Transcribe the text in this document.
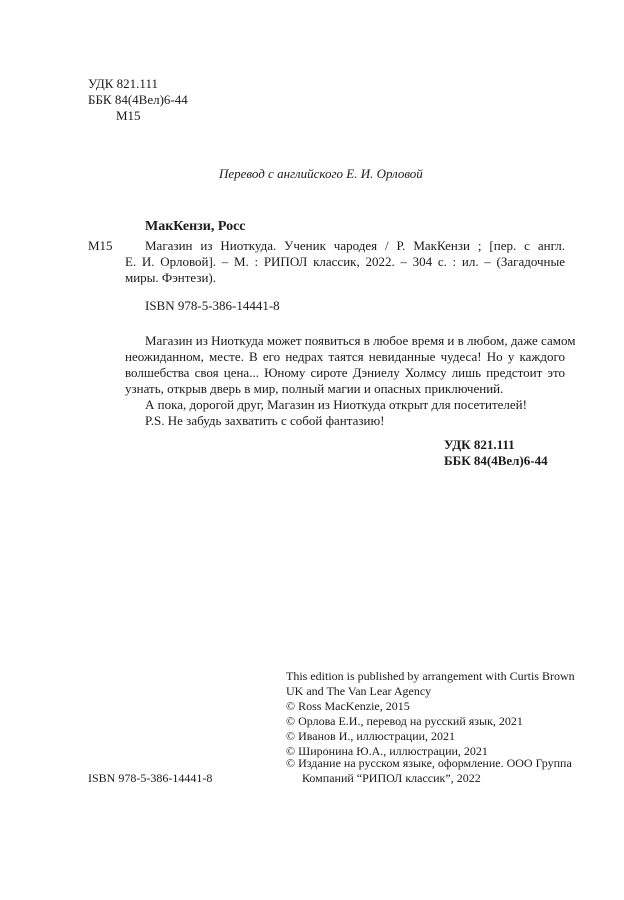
УДК 821.111
ББК 84(4Вел)6-44
М15
Перевод с английского Е. И. Орловой
МакКензи, Росс
М15 Магазин из Ниоткуда. Ученик чародея / Р. МакКензи ; [пер. с англ.
Е. И. Орловой]. – М. : РИПОЛ классик, 2022. – 304 с. : ил. – (Загадочные
миры. Фэнтези).
ISBN 978-5-386-14441-8
Магазин из Ниоткуда может появиться в любое время и в любом, даже самом
неожиданном, месте. В его недрах таятся невиданные чудеса! Но у каждого
волшебства своя цена... Юному сироте Дэниелу Холмсу лишь предстоит это
узнать, открыв дверь в мир, полный магии и опасных приключений.
А пока, дорогой друг, Магазин из Ниоткуда открыт для посетителей!
P.S. Не забудь захватить с собой фантазию!
УДК 821.111
ББК 84(4Вел)6-44
ISBN 978-5-386-14441-8
This edition is published by arrangement with Curtis Brown
UK and The Van Lear Agency
© Ross MacKenzie, 2015
© Орлова Е.И., перевод на русский язык, 2021
© Иванов И., иллюстрации, 2021
© Широнина Ю.А., иллюстрации, 2021
© Издание на русском языке, оформление. ООО Группа
Компаний “РИПОЛ классик”, 2022
